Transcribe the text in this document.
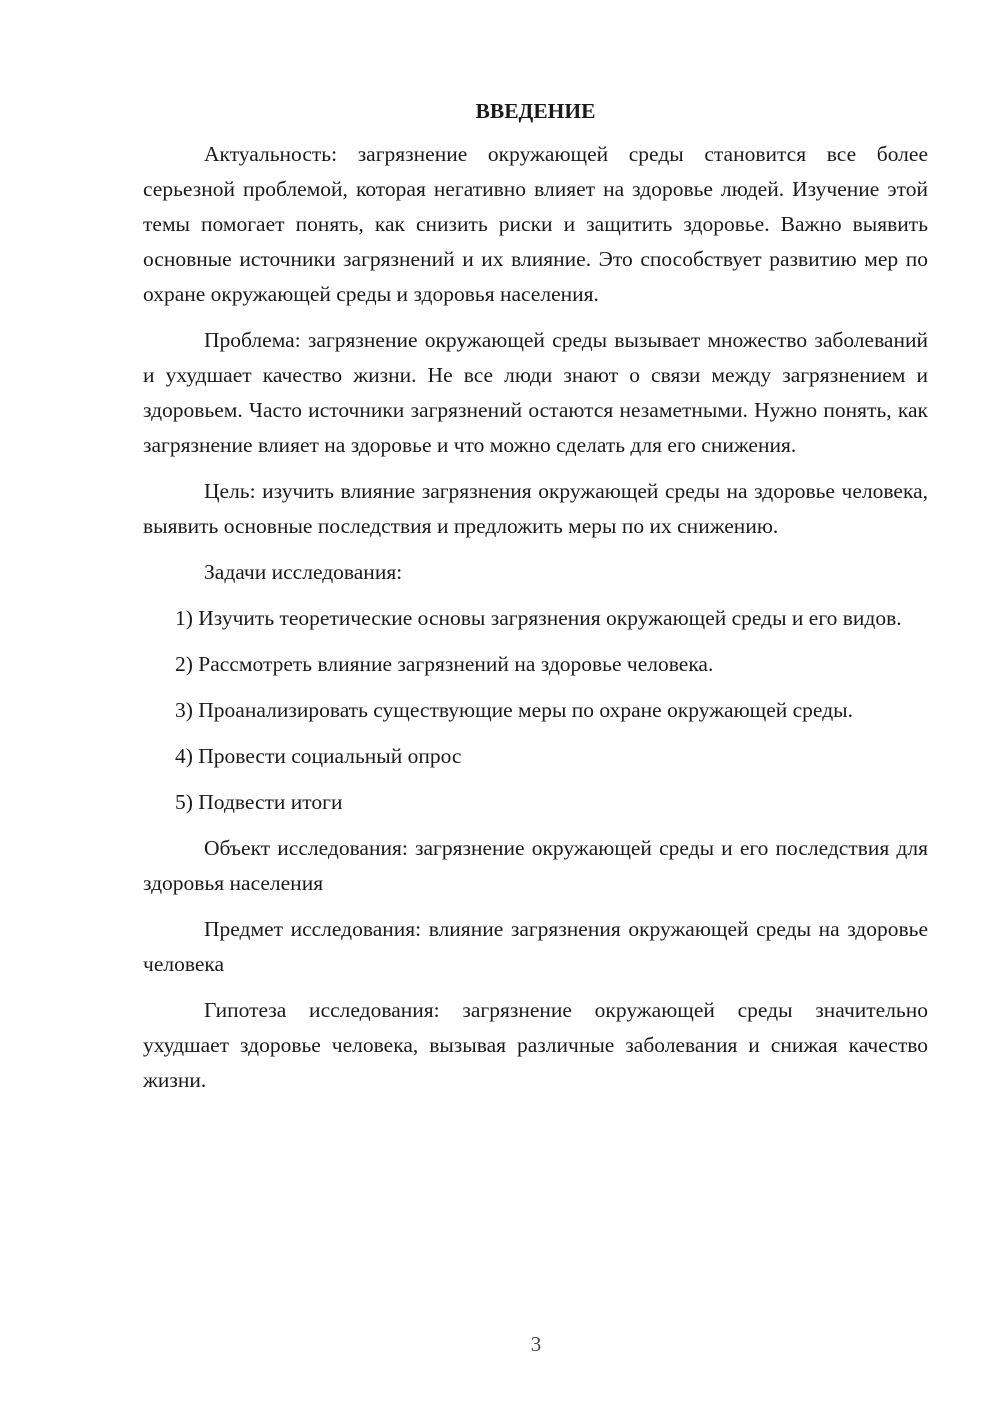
ВВЕДЕНИЕ

Актуальность: загрязнение окружающей среды становится все более серьезной проблемой, которая негативно влияет на здоровье людей. Изучение этой темы помогает понять, как снизить риски и защитить здоровье. Важно выявить основные источники загрязнений и их влияние. Это способствует развитию мер по охране окружающей среды и здоровья населения.

Проблема: загрязнение окружающей среды вызывает множество заболеваний и ухудшает качество жизни. Не все люди знают о связи между загрязнением и здоровьем. Часто источники загрязнений остаются незаметными. Нужно понять, как загрязнение влияет на здоровье и что можно сделать для его снижения.

Цель: изучить влияние загрязнения окружающей среды на здоровье человека, выявить основные последствия и предложить меры по их снижению.

Задачи исследования:

1) Изучить теоретические основы загрязнения окружающей среды и его видов.

2) Рассмотреть влияние загрязнений на здоровье человека.

3) Проанализировать существующие меры по охране окружающей среды.

4) Провести социальный опрос

5) Подвести итоги

Объект исследования: загрязнение окружающей среды и его последствия для здоровья населения

Предмет исследования: влияние загрязнения окружающей среды на здоровье человека

Гипотеза исследования: загрязнение окружающей среды значительно ухудшает здоровье человека, вызывая различные заболевания и снижая качество жизни.

3
